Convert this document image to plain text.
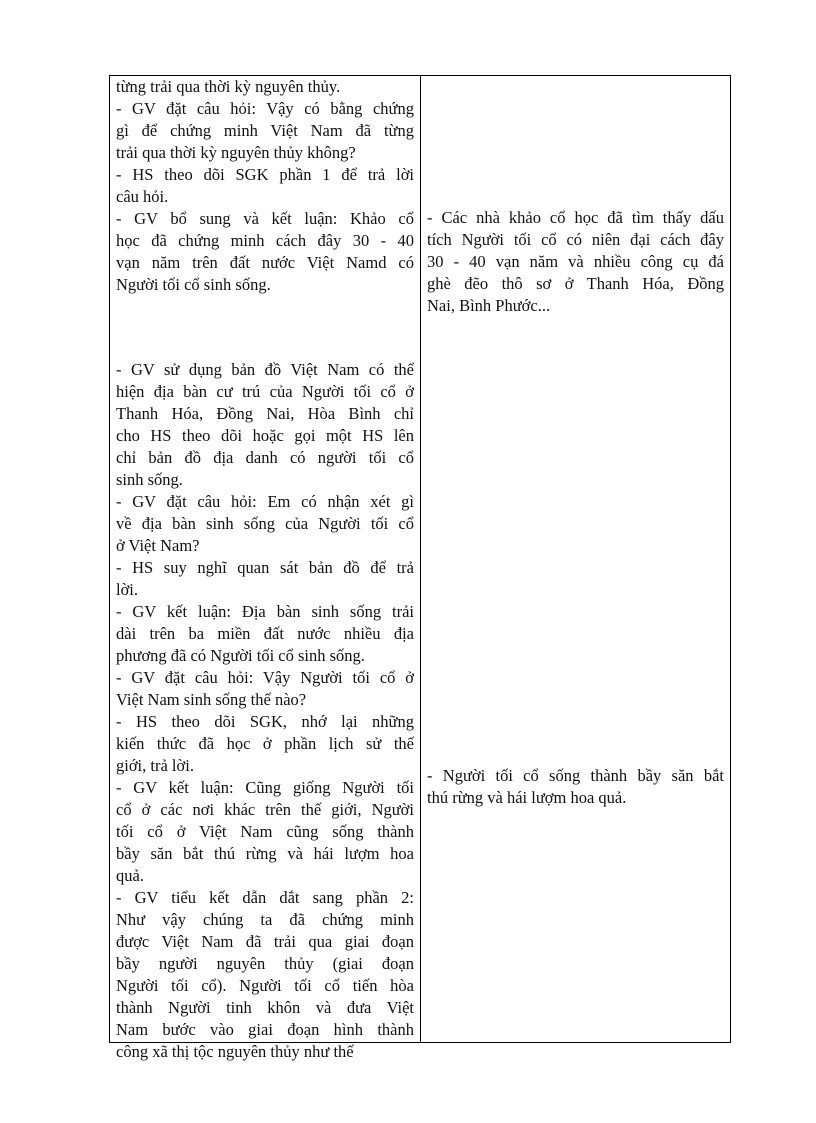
từng trải qua thời kỳ nguyên thủy.
- GV đặt câu hỏi: Vậy có bằng chứng
gì để chứng minh Việt Nam đã từng
trải qua thời kỳ nguyên thủy không?
- HS theo dõi SGK phần 1 để trả lời
câu hỏi.
- GV bổ sung và kết luận: Khảo cổ
học đã chứng minh cách đây 30 - 40
vạn năm trên đất nước Việt Namd có
Người tối cổ sinh sống.
- GV sử dụng bản đồ Việt Nam có thể
hiện địa bàn cư trú của Người tối cổ ở
Thanh Hóa, Đồng Nai, Hòa Bình chỉ
cho HS theo dõi hoặc gọi một HS lên
chỉ bản đồ địa danh có người tối cổ
sinh sống.
- GV đặt câu hỏi: Em có nhận xét gì
về địa bàn sinh sống của Người tối cổ
ở Việt Nam?
- HS suy nghĩ quan sát bản đồ để trả
lời.
- GV kết luận: Địa bàn sinh sống trải
dài trên ba miền đất nước nhiều địa
phương đã có Người tối cổ sinh sống.
- GV đặt câu hỏi: Vậy Người tối cổ ở
Việt Nam sinh sống thế nào?
- HS theo dõi SGK, nhớ lại những
kiến thức đã học ở phần lịch sử thế
giới, trả lời.
- GV kết luận: Cũng giống Người tối
cổ ở các nơi khác trên thế giới, Người
tối cổ ở Việt Nam cũng sống thành
bầy săn bắt thú rừng và hái lượm hoa
quả.
- GV tiểu kết dẫn dắt sang phần 2:
Như vậy chúng ta đã chứng minh
được Việt Nam đã trải qua giai đoạn
bầy người nguyên thủy (giai đoạn
Người tối cổ). Người tối cổ tiến hòa
thành Người tinh khôn và đưa Việt
Nam bước vào giai đoạn hình thành
công xã thị tộc nguyên thủy như thế
- Các nhà khảo cổ học đã tìm thấy dấu
tích Người tối cổ có niên đại cách đây
30 - 40 vạn năm và nhiều công cụ đá
ghè đẽo thô sơ ở Thanh Hóa, Đồng
Nai, Bình Phước...
- Người tối cổ sống thành bầy săn bắt
thú rừng và hái lượm hoa quả.
